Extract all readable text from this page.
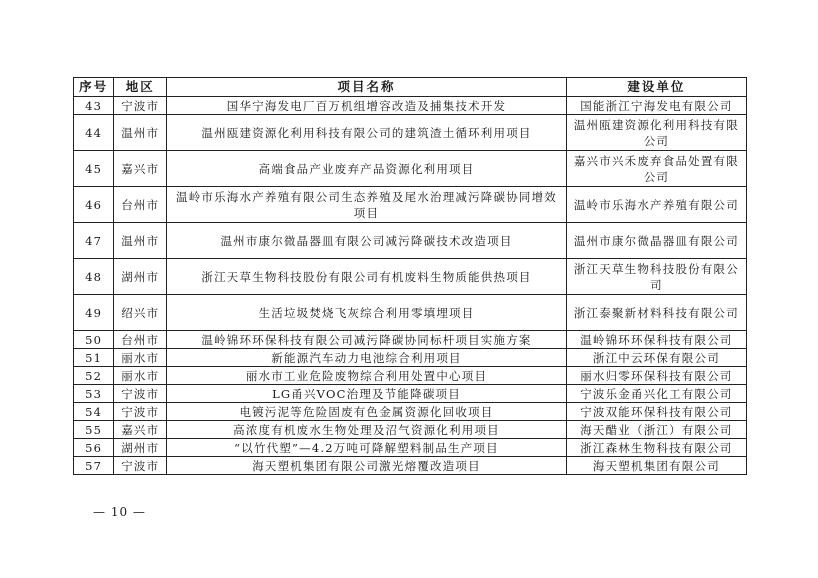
序号	地区	项目名称	建设单位
43	宁波市	国华宁海发电厂百万机组增容改造及捕集技术开发	国能浙江宁海发电有限公司
44	温州市	温州瓯建资源化利用科技有限公司的建筑渣土循环利用项目	温州瓯建资源化利用科技有限公司
45	嘉兴市	高端食品产业废弃产品资源化利用项目	嘉兴市兴禾废弃食品处置有限公司
46	台州市	温岭市乐海水产养殖有限公司生态养殖及尾水治理减污降碳协同增效项目	温岭市乐海水产养殖有限公司
47	温州市	温州市康尔微晶器皿有限公司减污降碳技术改造项目	温州市康尔微晶器皿有限公司
48	湖州市	浙江天草生物科技股份有限公司有机废料生物质能供热项目	浙江天草生物科技股份有限公司
49	绍兴市	生活垃圾焚烧飞灰综合利用零填埋项目	浙江泰聚新材料科技有限公司
50	台州市	温岭锦环环保科技有限公司减污降碳协同标杆项目实施方案	温岭锦环环保科技有限公司
51	丽水市	新能源汽车动力电池综合利用项目	浙江中云环保有限公司
52	丽水市	丽水市工业危险废物综合利用处置中心项目	丽水归零环保科技有限公司
53	宁波市	LG甬兴VOC治理及节能降碳项目	宁波乐金甬兴化工有限公司
54	宁波市	电镀污泥等危险固废有色金属资源化回收项目	宁波双能环保科技有限公司
55	嘉兴市	高浓度有机废水生物处理及沼气资源化利用项目	海天醋业（浙江）有限公司
56	湖州市	“以竹代塑”—4.2万吨可降解塑料制品生产项目	浙江森林生物科技有限公司
57	宁波市	海天塑机集团有限公司激光熔覆改造项目	海天塑机集团有限公司
— 10 —
